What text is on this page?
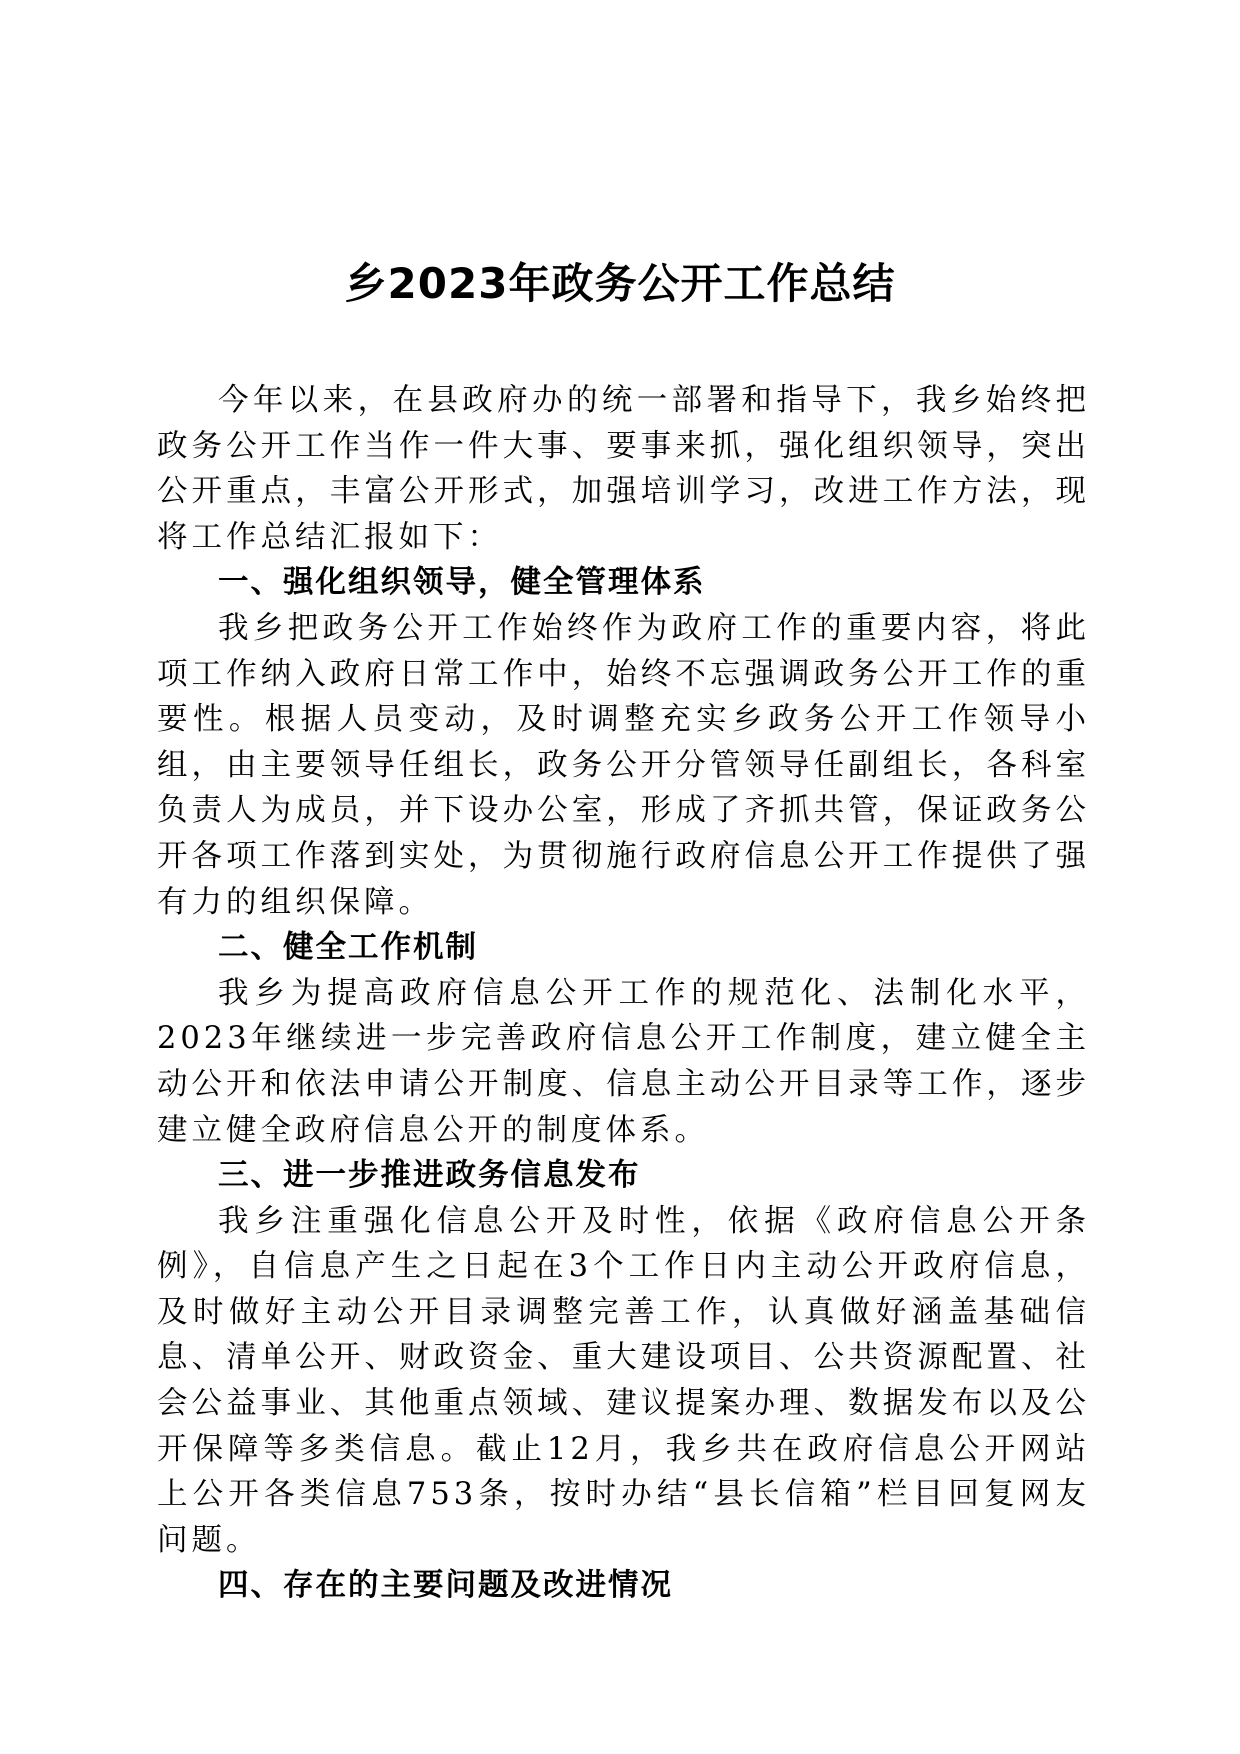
乡2023年政务公开工作总结

今年以来，在县政府办的统一部署和指导下，我乡始终把政务公开工作当作一件大事、要事来抓，强化组织领导，突出公开重点，丰富公开形式，加强培训学习，改进工作方法，现将工作总结汇报如下：

一、强化组织领导，健全管理体系

我乡把政务公开工作始终作为政府工作的重要内容，将此项工作纳入政府日常工作中，始终不忘强调政务公开工作的重要性。根据人员变动，及时调整充实乡政务公开工作领导小组，由主要领导任组长，政务公开分管领导任副组长，各科室负责人为成员，并下设办公室，形成了齐抓共管，保证政务公开各项工作落到实处，为贯彻施行政府信息公开工作提供了强有力的组织保障。

二、健全工作机制

我乡为提高政府信息公开工作的规范化、法制化水平，2023年继续进一步完善政府信息公开工作制度，建立健全主动公开和依法申请公开制度、信息主动公开目录等工作，逐步建立健全政府信息公开的制度体系。

三、进一步推进政务信息发布

我乡注重强化信息公开及时性，依据《政府信息公开条例》，自信息产生之日起在3个工作日内主动公开政府信息，及时做好主动公开目录调整完善工作，认真做好涵盖基础信息、清单公开、财政资金、重大建设项目、公共资源配置、社会公益事业、其他重点领域、建议提案办理、数据发布以及公开保障等多类信息。截止12月，我乡共在政府信息公开网站上公开各类信息753条，按时办结“县长信箱”栏目回复网友问题。

四、存在的主要问题及改进情况
